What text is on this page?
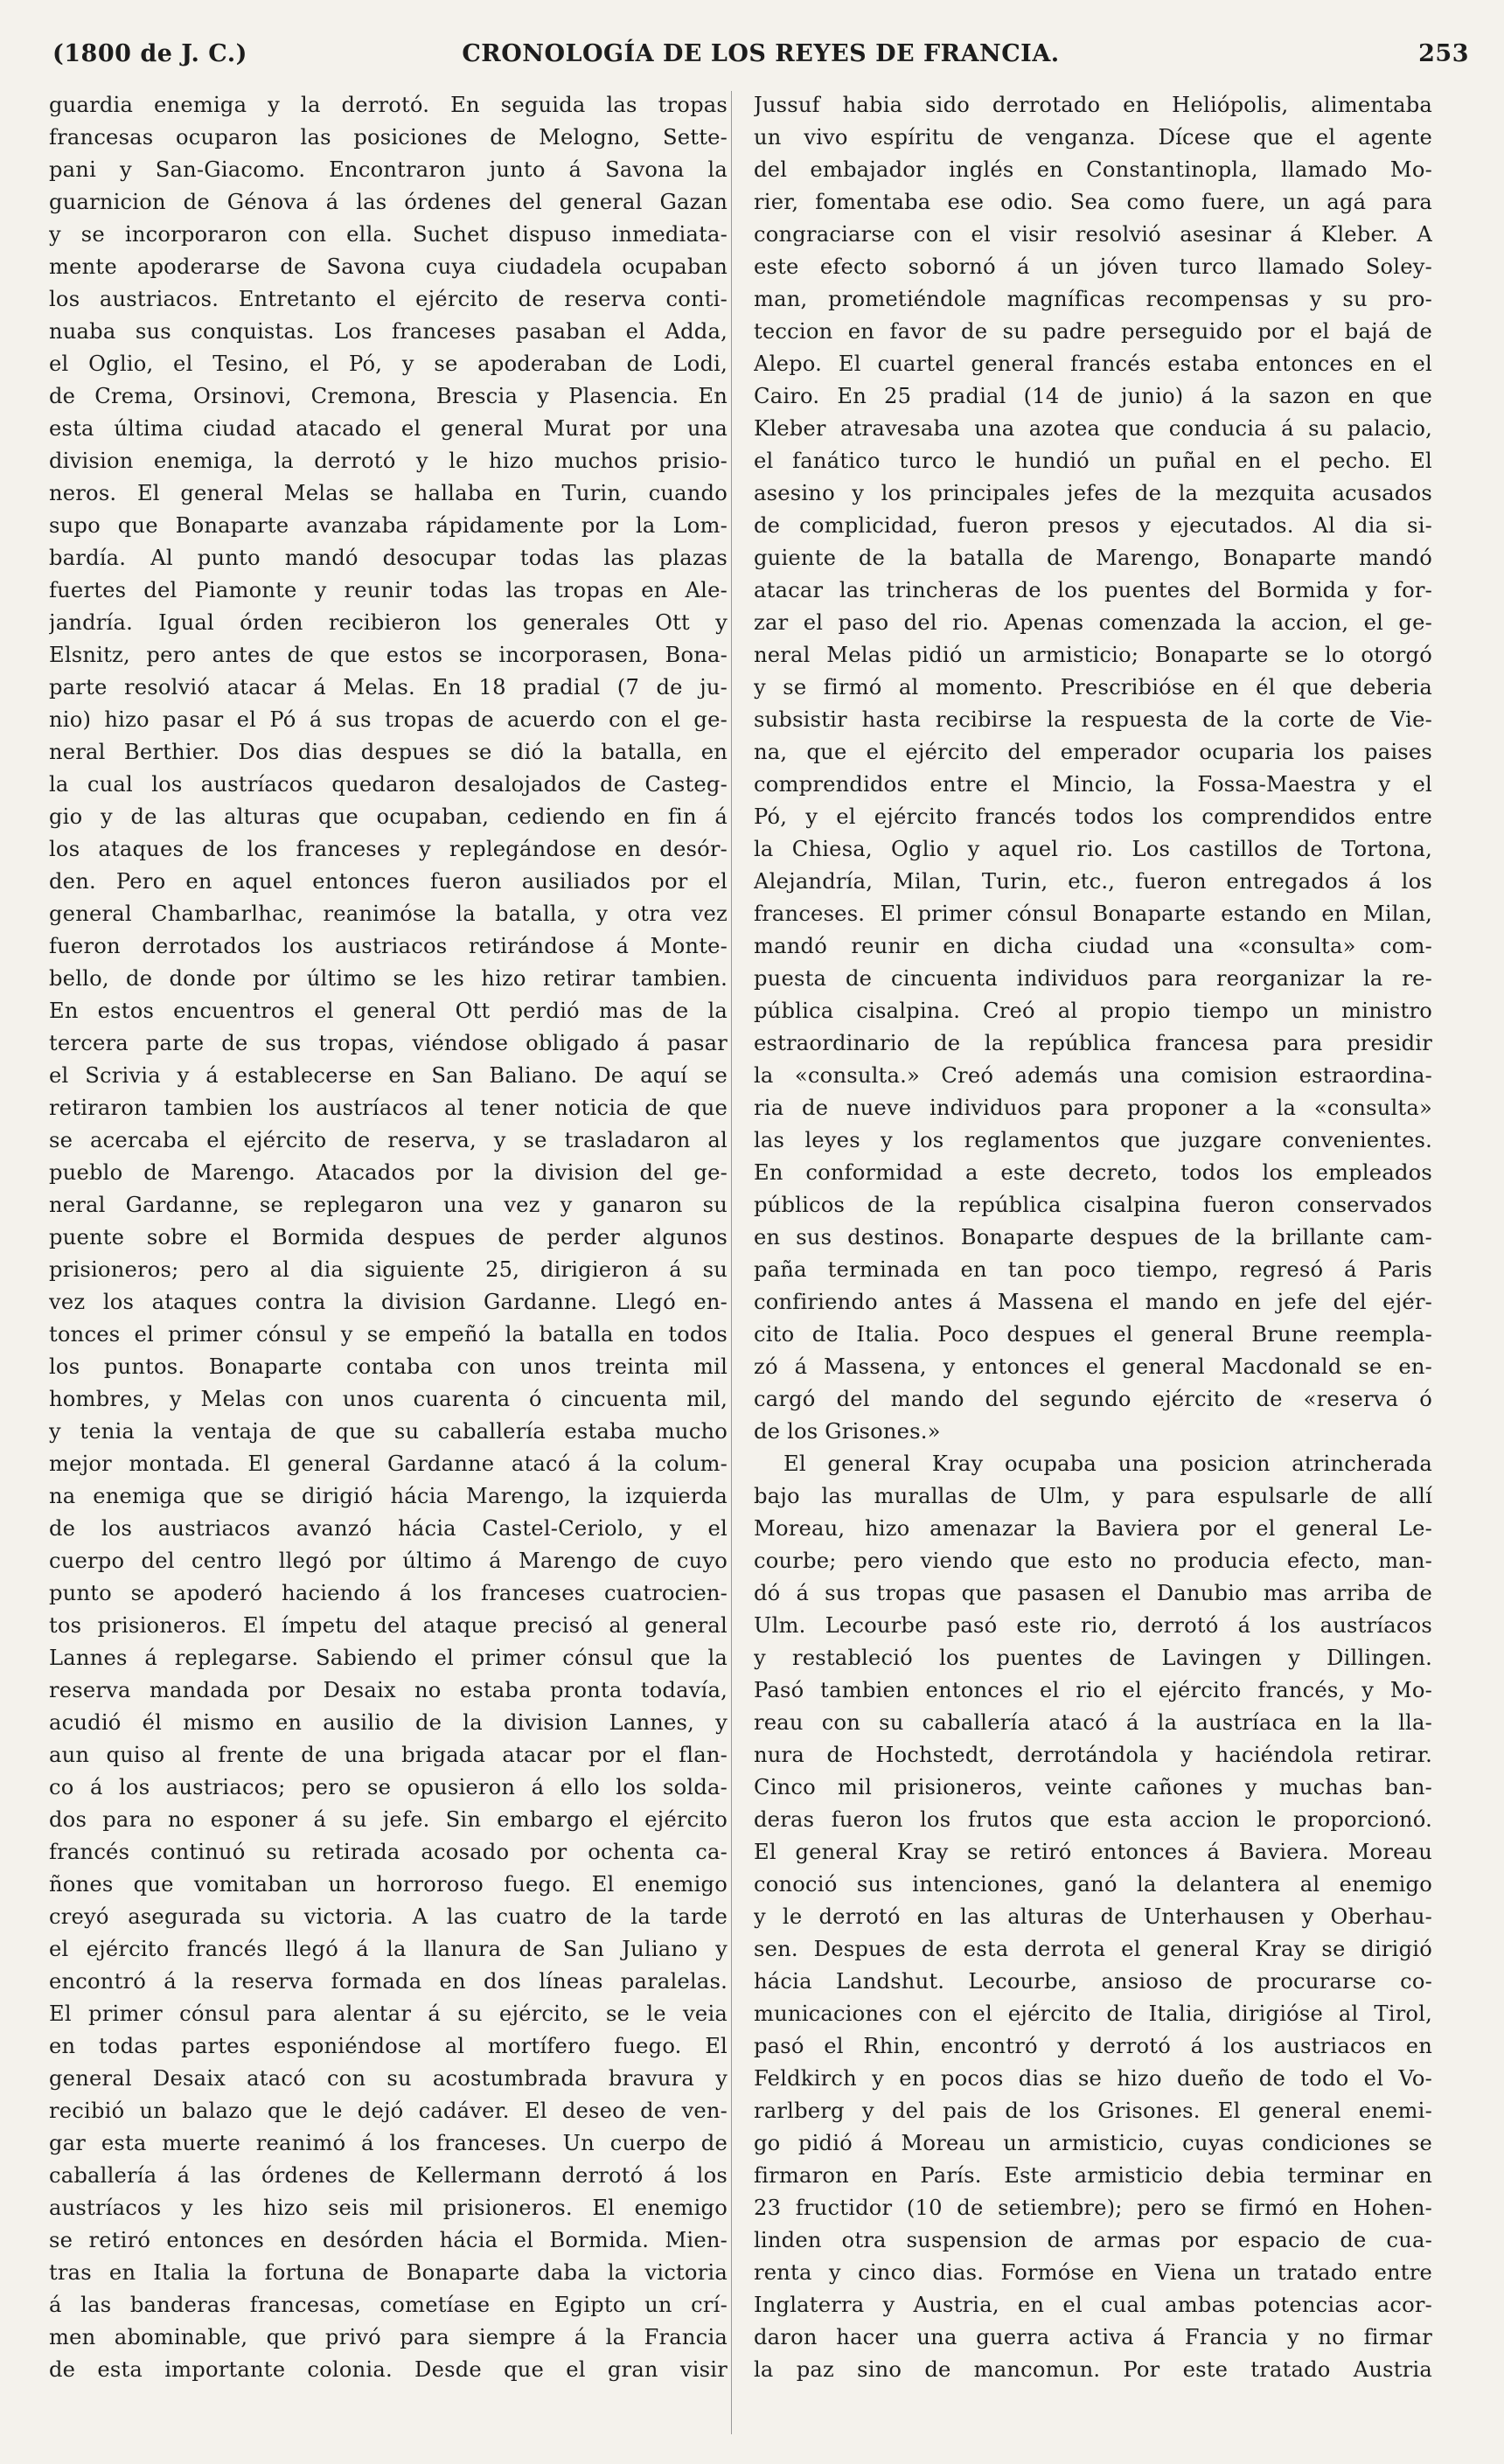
(1800 de J. C.)	CRONOLOGÍA DE LOS REYES DE FRANCIA.	253
guardia enemiga y la derrotó. En seguida las tropas
francesas ocuparon las posiciones de Melogno, Sette-
pani y San-Giacomo. Encontraron junto á Savona la
guarnicion de Génova á las órdenes del general Gazan
y se incorporaron con ella. Suchet dispuso inmediata-
mente apoderarse de Savona cuya ciudadela ocupaban
los austriacos. Entretanto el ejército de reserva conti-
nuaba sus conquistas. Los franceses pasaban el Adda,
el Oglio, el Tesino, el Pó, y se apoderaban de Lodi,
de Crema, Orsinovi, Cremona, Brescia y Plasencia. En
esta última ciudad atacado el general Murat por una
division enemiga, la derrotó y le hizo muchos prisio-
neros. El general Melas se hallaba en Turin, cuando
supo que Bonaparte avanzaba rápidamente por la Lom-
bardía. Al punto mandó desocupar todas las plazas
fuertes del Piamonte y reunir todas las tropas en Ale-
jandría. Igual órden recibieron los generales Ott y
Elsnitz, pero antes de que estos se incorporasen, Bona-
parte resolvió atacar á Melas. En 18 pradial (7 de ju-
nio) hizo pasar el Pó á sus tropas de acuerdo con el ge-
neral Berthier. Dos dias despues se dió la batalla, en
la cual los austríacos quedaron desalojados de Casteg-
gio y de las alturas que ocupaban, cediendo en fin á
los ataques de los franceses y replegándose en desór-
den. Pero en aquel entonces fueron ausiliados por el
general Chambarlhac, reanimóse la batalla, y otra vez
fueron derrotados los austriacos retirándose á Monte-
bello, de donde por último se les hizo retirar tambien.
En estos encuentros el general Ott perdió mas de la
tercera parte de sus tropas, viéndose obligado á pasar
el Scrivia y á establecerse en San Baliano. De aquí se
retiraron tambien los austríacos al tener noticia de que
se acercaba el ejército de reserva, y se trasladaron al
pueblo de Marengo. Atacados por la division del ge-
neral Gardanne, se replegaron una vez y ganaron su
puente sobre el Bormida despues de perder algunos
prisioneros; pero al dia siguiente 25, dirigieron á su
vez los ataques contra la division Gardanne. Llegó en-
tonces el primer cónsul y se empeñó la batalla en todos
los puntos. Bonaparte contaba con unos treinta mil
hombres, y Melas con unos cuarenta ó cincuenta mil,
y tenia la ventaja de que su caballería estaba mucho
mejor montada. El general Gardanne atacó á la colum-
na enemiga que se dirigió hácia Marengo, la izquierda
de los austriacos avanzó hácia Castel-Ceriolo, y el
cuerpo del centro llegó por último á Marengo de cuyo
punto se apoderó haciendo á los franceses cuatrocien-
tos prisioneros. El ímpetu del ataque precisó al general
Lannes á replegarse. Sabiendo el primer cónsul que la
reserva mandada por Desaix no estaba pronta todavía,
acudió él mismo en ausilio de la division Lannes, y
aun quiso al frente de una brigada atacar por el flan-
co á los austriacos; pero se opusieron á ello los solda-
dos para no esponer á su jefe. Sin embargo el ejército
francés continuó su retirada acosado por ochenta ca-
ñones que vomitaban un horroroso fuego. El enemigo
creyó asegurada su victoria. A las cuatro de la tarde
el ejército francés llegó á la llanura de San Juliano y
encontró á la reserva formada en dos líneas paralelas.
El primer cónsul para alentar á su ejército, se le veia
en todas partes esponiéndose al mortífero fuego. El
general Desaix atacó con su acostumbrada bravura y
recibió un balazo que le dejó cadáver. El deseo de ven-
gar esta muerte reanimó á los franceses. Un cuerpo de
caballería á las órdenes de Kellermann derrotó á los
austríacos y les hizo seis mil prisioneros. El enemigo
se retiró entonces en desórden hácia el Bormida. Mien-
tras en Italia la fortuna de Bonaparte daba la victoria
á las banderas francesas, cometíase en Egipto un crí-
men abominable, que privó para siempre á la Francia
de esta importante colonia. Desde que el gran visir
Jussuf habia sido derrotado en Heliópolis, alimentaba
un vivo espíritu de venganza. Dícese que el agente
del embajador inglés en Constantinopla, llamado Mo-
rier, fomentaba ese odio. Sea como fuere, un agá para
congraciarse con el visir resolvió asesinar á Kleber. A
este efecto sobornó á un jóven turco llamado Soley-
man, prometiéndole magníficas recompensas y su pro-
teccion en favor de su padre perseguido por el bajá de
Alepo. El cuartel general francés estaba entonces en el
Cairo. En 25 pradial (14 de junio) á la sazon en que
Kleber atravesaba una azotea que conducia á su palacio,
el fanático turco le hundió un puñal en el pecho. El
asesino y los principales jefes de la mezquita acusados
de complicidad, fueron presos y ejecutados. Al dia si-
guiente de la batalla de Marengo, Bonaparte mandó
atacar las trincheras de los puentes del Bormida y for-
zar el paso del rio. Apenas comenzada la accion, el ge-
neral Melas pidió un armisticio; Bonaparte se lo otorgó
y se firmó al momento. Prescribióse en él que deberia
subsistir hasta recibirse la respuesta de la corte de Vie-
na, que el ejército del emperador ocuparia los paises
comprendidos entre el Mincio, la Fossa-Maestra y el
Pó, y el ejército francés todos los comprendidos entre
la Chiesa, Oglio y aquel rio. Los castillos de Tortona,
Alejandría, Milan, Turin, etc., fueron entregados á los
franceses. El primer cónsul Bonaparte estando en Milan,
mandó reunir en dicha ciudad una «consulta» com-
puesta de cincuenta individuos para reorganizar la re-
pública cisalpina. Creó al propio tiempo un ministro
estraordinario de la república francesa para presidir
la «consulta.» Creó además una comision estraordina-
ria de nueve individuos para proponer a la «consulta»
las leyes y los reglamentos que juzgare convenientes.
En conformidad a este decreto, todos los empleados
públicos de la república cisalpina fueron conservados
en sus destinos. Bonaparte despues de la brillante cam-
paña terminada en tan poco tiempo, regresó á Paris
confiriendo antes á Massena el mando en jefe del ejér-
cito de Italia. Poco despues el general Brune reempla-
zó á Massena, y entonces el general Macdonald se en-
cargó del mando del segundo ejército de «reserva ó
de los Grisones.»
El general Kray ocupaba una posicion atrincherada
bajo las murallas de Ulm, y para espulsarle de allí
Moreau, hizo amenazar la Baviera por el general Le-
courbe; pero viendo que esto no producia efecto, man-
dó á sus tropas que pasasen el Danubio mas arriba de
Ulm. Lecourbe pasó este rio, derrotó á los austríacos
y restableció los puentes de Lavingen y Dillingen.
Pasó tambien entonces el rio el ejército francés, y Mo-
reau con su caballería atacó á la austríaca en la lla-
nura de Hochstedt, derrotándola y haciéndola retirar.
Cinco mil prisioneros, veinte cañones y muchas ban-
deras fueron los frutos que esta accion le proporcionó.
El general Kray se retiró entonces á Baviera. Moreau
conoció sus intenciones, ganó la delantera al enemigo
y le derrotó en las alturas de Unterhausen y Oberhau-
sen. Despues de esta derrota el general Kray se dirigió
hácia Landshut. Lecourbe, ansioso de procurarse co-
municaciones con el ejército de Italia, dirigióse al Tirol,
pasó el Rhin, encontró y derrotó á los austriacos en
Feldkirch y en pocos dias se hizo dueño de todo el Vo-
rarlberg y del pais de los Grisones. El general enemi-
go pidió á Moreau un armisticio, cuyas condiciones se
firmaron en París. Este armisticio debia terminar en
23 fructidor (10 de setiembre); pero se firmó en Hohen-
linden otra suspension de armas por espacio de cua-
renta y cinco dias. Formóse en Viena un tratado entre
Inglaterra y Austria, en el cual ambas potencias acor-
daron hacer una guerra activa á Francia y no firmar
la paz sino de mancomun. Por este tratado Austria
